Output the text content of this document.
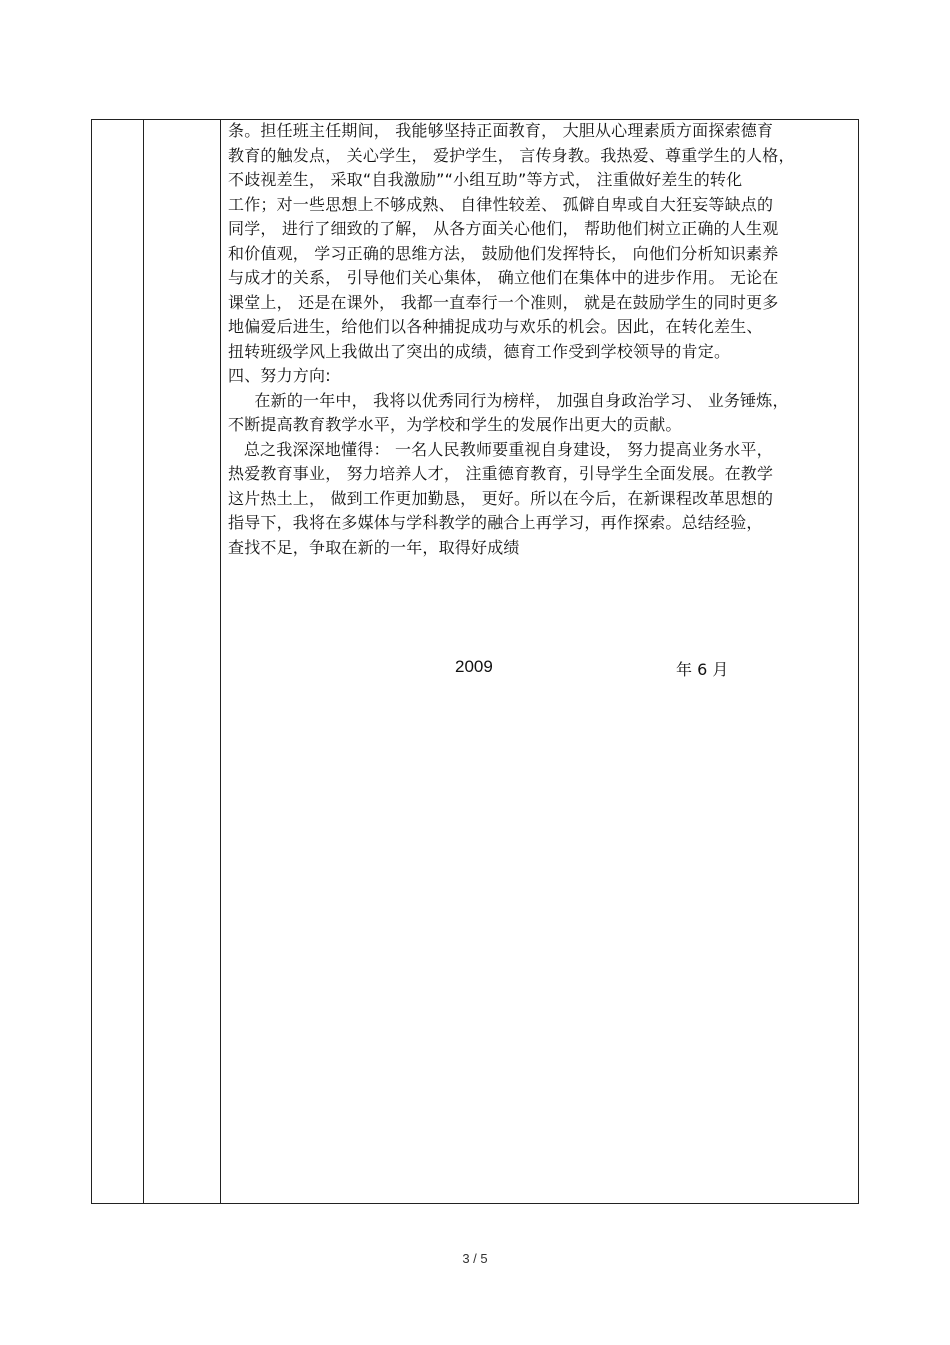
条。担任班主任期间， 我能够坚持正面教育， 大胆从心理素质方面探索德育
教育的触发点， 关心学生， 爱护学生， 言传身教。我热爱、尊重学生的人格，
不歧视差生， 采取“自我激励”“小组互助”等方式， 注重做好差生的转化
工作；对一些思想上不够成熟、 自律性较差、 孤僻自卑或自大狂妄等缺点的
同学， 进行了细致的了解， 从各方面关心他们， 帮助他们树立正确的人生观
和价值观， 学习正确的思维方法， 鼓励他们发挥特长， 向他们分析知识素养
与成才的关系， 引导他们关心集体， 确立他们在集体中的进步作用。 无论在
课堂上， 还是在课外， 我都一直奉行一个准则， 就是在鼓励学生的同时更多
地偏爱后进生，给他们以各种捕捉成功与欢乐的机会。因此，在转化差生、
扭转班级学风上我做出了突出的成绩，德育工作受到学校领导的肯定。
四、努力方向:
在新的一年中， 我将以优秀同行为榜样， 加强自身政治学习、 业务锤炼，
不断提高教育教学水平，为学校和学生的发展作出更大的贡献。
总之我深深地懂得： 一名人民教师要重视自身建设， 努力提高业务水平，
热爱教育事业， 努力培养人才， 注重德育教育，引导学生全面发展。在教学
这片热土上， 做到工作更加勤恳， 更好。所以在今后，在新课程改革思想的
指导下，我将在多媒体与学科教学的融合上再学习，再作探索。总结经验，
查找不足，争取在新的一年，取得好成绩
2009	年 6 月
3 / 5
